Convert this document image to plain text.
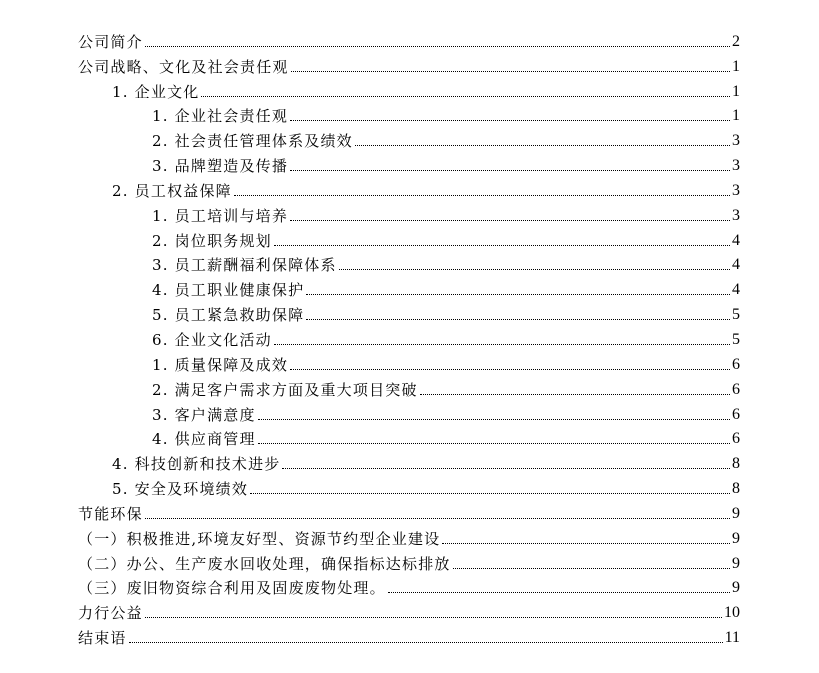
公司简介	2
公司战略、文化及社会责任观	1
1. 企业文化	1
1. 企业社会责任观	1
2. 社会责任管理体系及绩效	3
3. 品牌塑造及传播	3
2. 员工权益保障	3
1. 员工培训与培养	3
2. 岗位职务规划	4
3. 员工薪酬福利保障体系	4
4. 员工职业健康保护	4
5. 员工紧急救助保障	5
6. 企业文化活动	5
1. 质量保障及成效	6
2. 满足客户需求方面及重大项目突破	6
3. 客户满意度	6
4. 供应商管理	6
4. 科技创新和技术进步	8
5. 安全及环境绩效	8
节能环保	9
（一）积极推进,环境友好型、资源节约型企业建设	9
（二）办公、生产废水回收处理，确保指标达标排放	9
（三）废旧物资综合利用及固废废物处理。	9
力行公益	10
结束语	11
